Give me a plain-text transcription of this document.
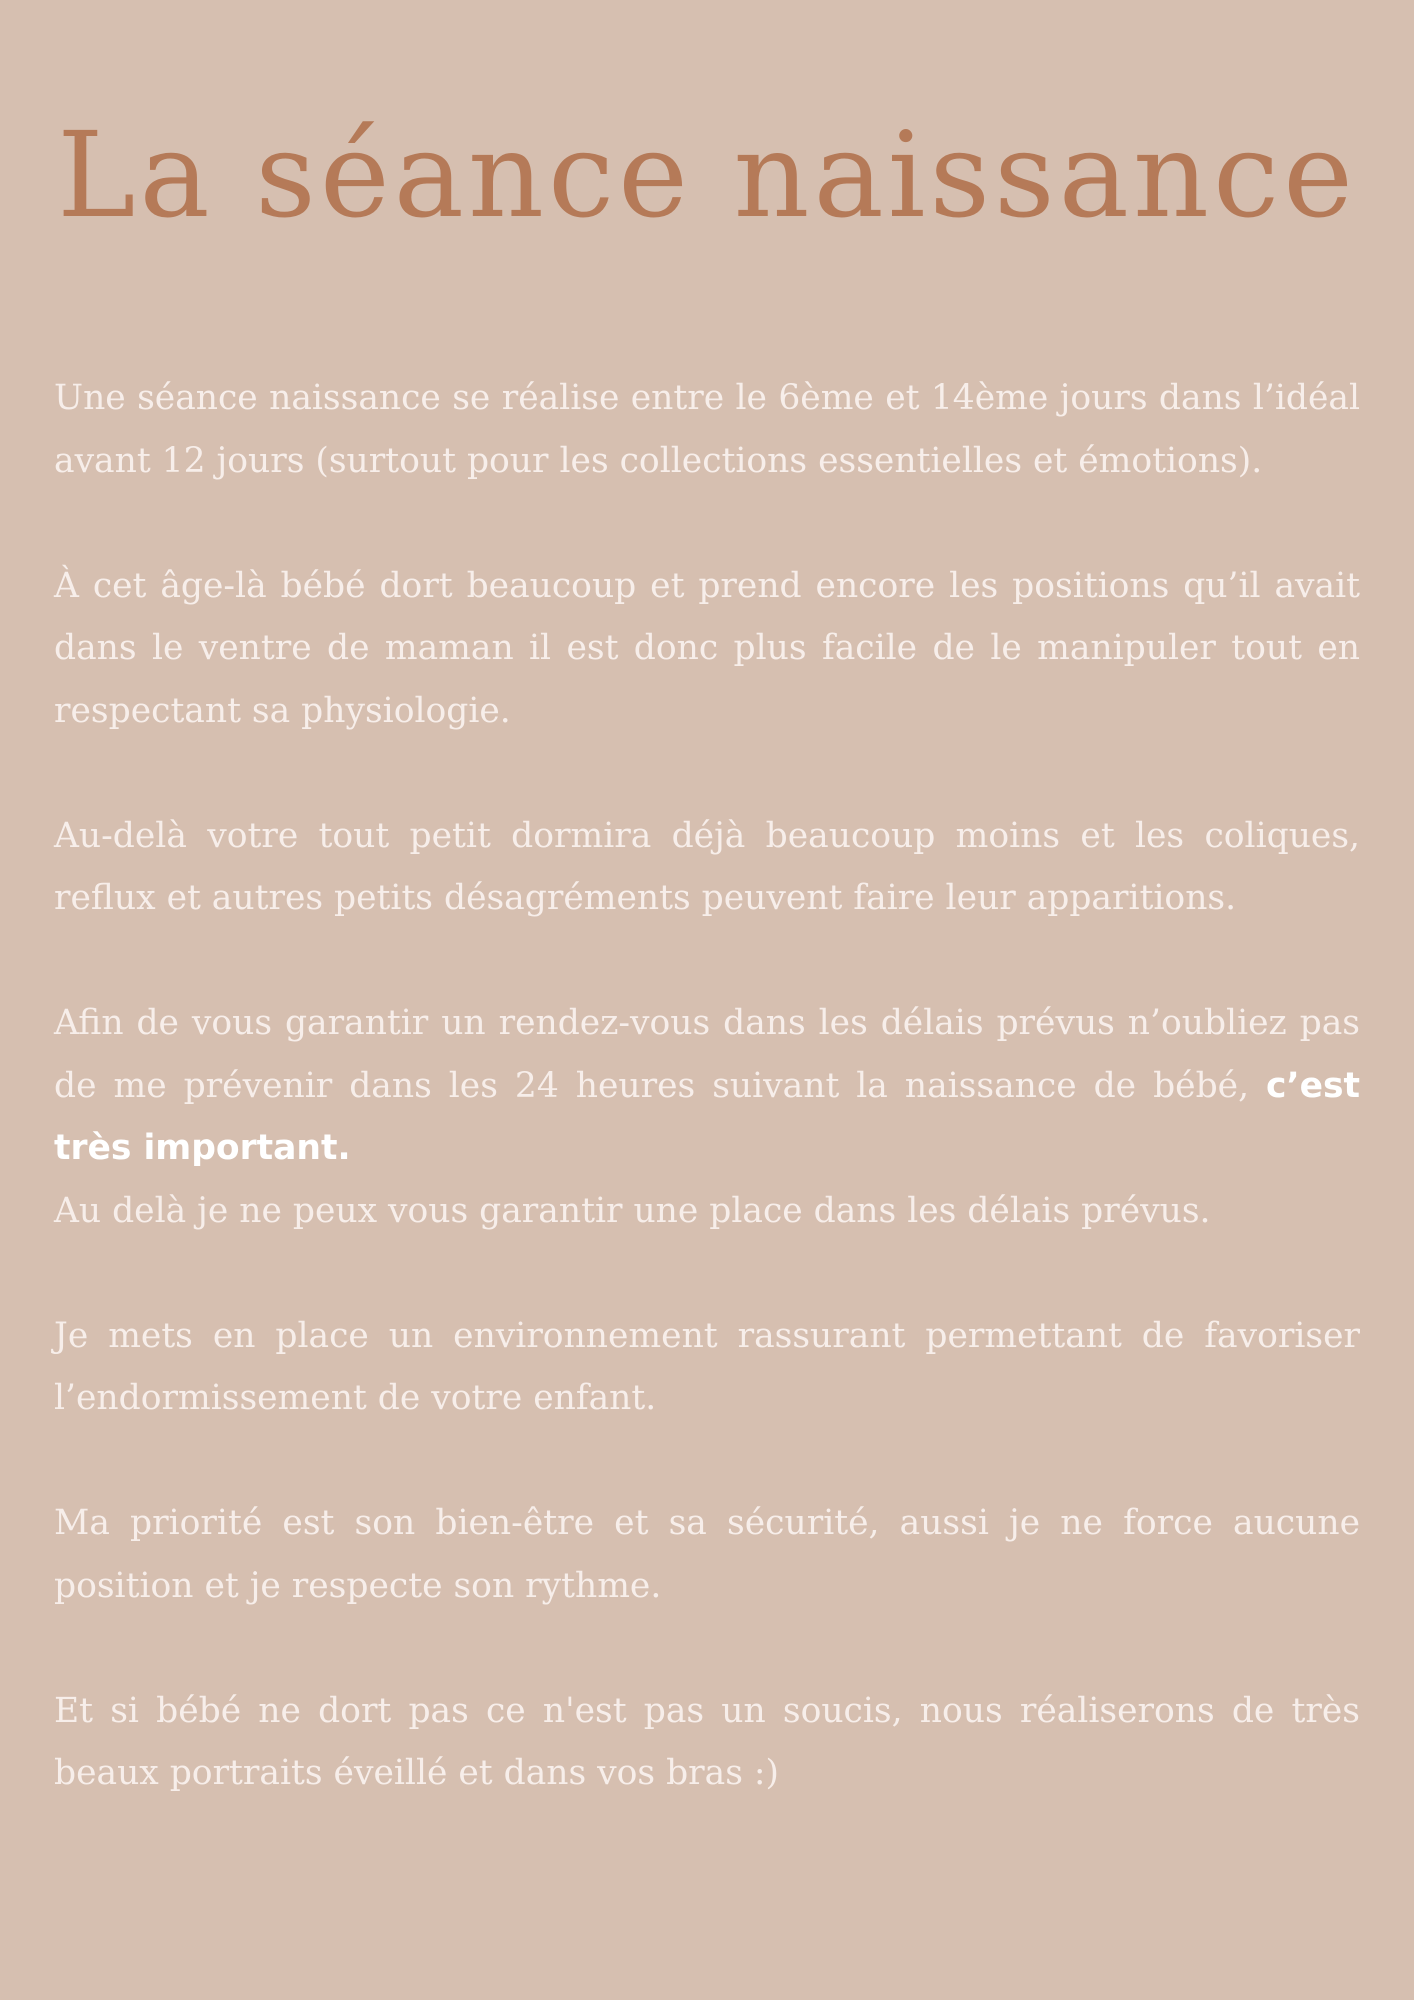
La séance naissance

Une séance naissance se réalise entre le 6ème et 14ème jours dans l’idéal avant 12 jours (surtout pour les collections essentielles et émotions).

À cet âge-là bébé dort beaucoup et prend encore les positions qu’il avait dans le ventre de maman il est donc plus facile de le manipuler tout en respectant sa physiologie.

Au-delà votre tout petit dormira déjà beaucoup moins et les coliques, reflux et autres petits désagréments peuvent faire leur apparitions.

Afin de vous garantir un rendez-vous dans les délais prévus n’oubliez pas de me prévenir dans les 24 heures suivant la naissance de bébé, c’est très important.
Au delà je ne peux vous garantir une place dans les délais prévus.

Je mets en place un environnement rassurant permettant de favoriser l’endormissement de votre enfant.

Ma priorité est son bien-être et sa sécurité, aussi je ne force aucune position et je respecte son rythme.

Et si bébé ne dort pas ce n'est pas un soucis, nous réaliserons de très beaux portraits éveillé et dans vos bras :)
